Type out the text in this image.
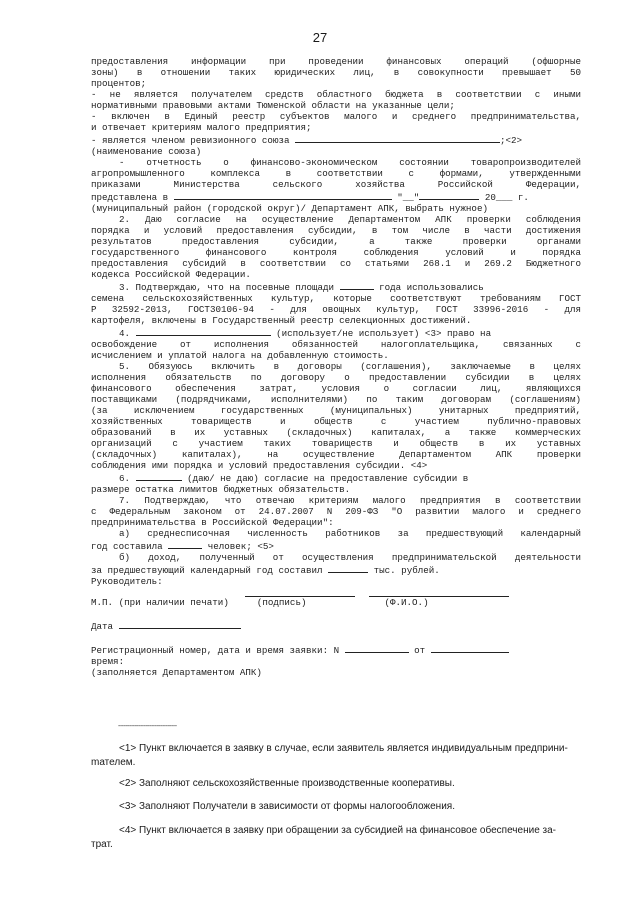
27

предоставления информации при проведении финансовых операций (офшорные

зоны) в отношении таких юридических лиц, в совокупности превышает 50

процентов;

- не является получателем средств областного бюджета в соответствии с иными

нормативными правовыми актами Тюменской области на указанные цели;

- включен в Единый реестр субъектов малого и среднего предпринимательства,

и отвечает критериям малого предприятия;

- является членом ревизионного союза	;<2>

(наименование союза)

- отчетность о финансово-экономическом состоянии товаропроизводителей

агропромышленного комплекса в соответствии с формами, утвержденными

приказами Министерства сельского хозяйства Российской Федерации,

представлена в	"__"	20___ г.

(муниципальный район (городской округ)/ Департамент АПК, выбрать нужное)

2. Даю согласие на осуществление Департаментом АПК проверки соблюдения

порядка и условий предоставления субсидии, в том числе в части достижения

результатов предоставления субсидии, а также проверки органами

государственного финансового контроля соблюдения условий и порядка

предоставления субсидий в соответствии со статьями 268.1 и 269.2 Бюджетного

кодекса Российской Федерации.

3. Подтверждаю, что на посевные площади	года использовались

семена сельскохозяйственных культур, которые соответствуют требованиям ГОСТ

Р 32592-2013, ГОСТ30106-94 - для овощных культур, ГОСТ 33996-2016 - для

картофеля, включены в Государственный реестр селекционных достижений.

4.	(использует/не использует) <3> право на

освобождение от исполнения обязанностей налогоплательщика, связанных с

исчислением и уплатой налога на добавленную стоимость.

5. Обязуюсь включить в договоры (соглашения), заключаемые в целях

исполнения обязательств по договору о предоставлении субсидии в целях

финансового обеспечения затрат, условия о согласии лиц, являющихся

поставщиками (подрядчиками, исполнителями) по таким договорам (соглашениям)

(за исключением государственных (муниципальных) унитарных предприятий,

хозяйственных товариществ и обществ с участием публично-правовых

образований в их уставных (складочных) капиталах, а также коммерческих

организаций с участием таких товариществ и обществ в их уставных

(складочных) капиталах), на осуществление Департаментом АПК проверки

соблюдения ими порядка и условий предоставления субсидии. <4>

6.	(даю/ не даю) согласие на предоставление субсидии в

размере остатка лимитов бюджетных обязательств.

7. Подтверждаю, что отвечаю критериям малого предприятия в соответствии

с Федеральным законом от 24.07.2007 N 209-ФЗ "О развитии малого и среднего

предпринимательства в Российской Федерации":

а) среднесписочная численность работников за предшествующий календарный

год составила	человек; <5>

б) доход, полученный от осуществления предпринимательской деятельности

за предшествующий календарный год составил	тыс. рублей.

Руководитель:

М.П. (при наличии печати)	(подпись)	(Ф.И.О.)

Дата

Регистрационный номер, дата и время заявки: N	от

время:

(заполняется Департаментом АПК)

--------------------------------
<1> Пункт включается в заявку в случае, если заявитель является индивидуальным предприни-
mателем.
<2> Заполняют сельскохозяйственные производственные кооперативы.
<3> Заполняют Получатели в зависимости от формы налогообложения.
<4> Пункт включается в заявку при обращении за субсидией на финансовое обеспечение за-
трат.
